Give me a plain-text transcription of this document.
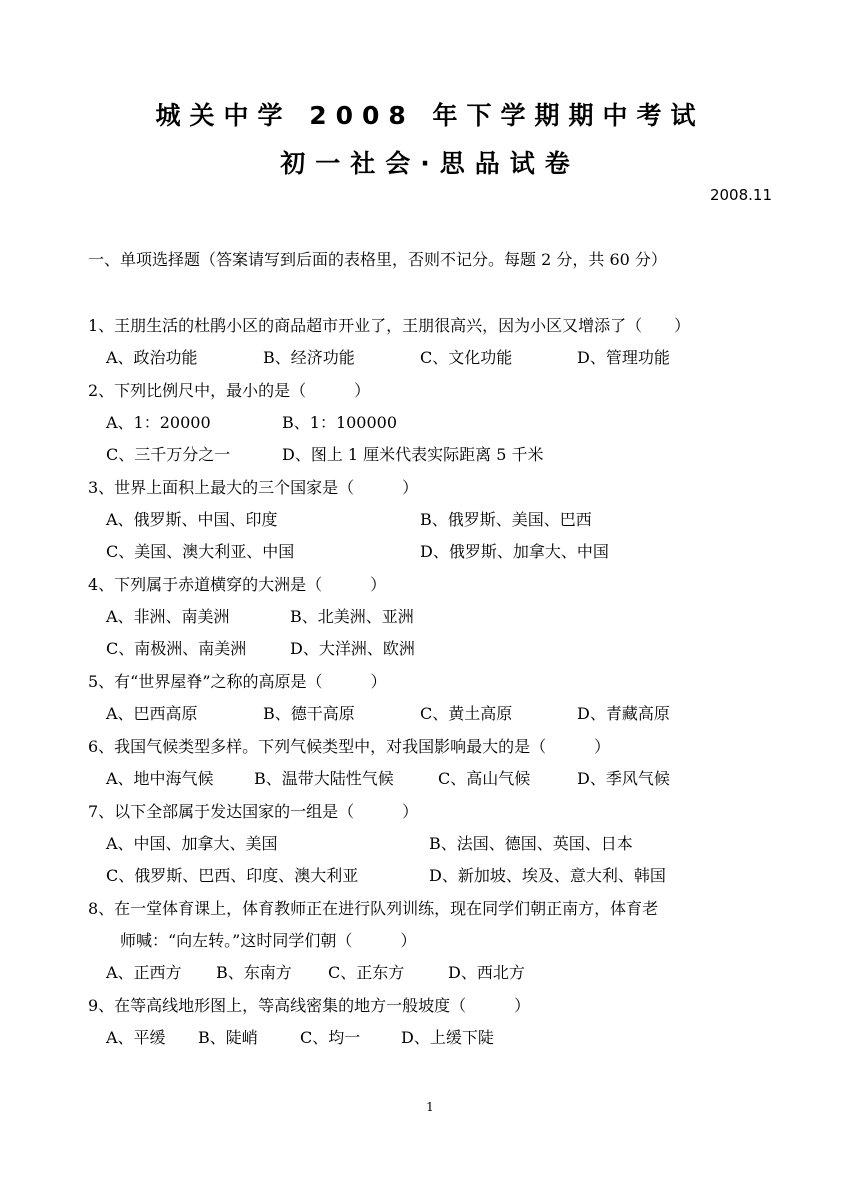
城关中学 2008 年下学期期中考试
初一社会·思品试卷
2008.11
一、单项选择题（答案请写到后面的表格里，否则不记分。每题 2 分，共 60 分）
1、王朋生活的杜鹃小区的商品超市开业了，王朋很高兴，因为小区又增添了（　　）
A、政治功能	B、经济功能	C、文化功能	D、管理功能
2、下列比例尺中，最小的是（　　　）
A、1：20000	B、1：100000
C、三千万分之一	D、图上 1 厘米代表实际距离 5 千米
3、世界上面积上最大的三个国家是（　　　）
A、俄罗斯、中国、印度	B、俄罗斯、美国、巴西
C、美国、澳大利亚、中国	D、俄罗斯、加拿大、中国
4、下列属于赤道横穿的大洲是（　　　）
A、非洲、南美洲	B、北美洲、亚洲
C、南极洲、南美洲	D、大洋洲、欧洲
5、有“世界屋脊”之称的高原是（　　　）
A、巴西高原	B、德干高原	C、黄土高原	D、青藏高原
6、我国气候类型多样。下列气候类型中，对我国影响最大的是（　　　）
A、地中海气候	B、温带大陆性气候	C、高山气候	D、季风气候
7、以下全部属于发达国家的一组是（　　　）
A、中国、加拿大、美国	B、法国、德国、英国、日本
C、俄罗斯、巴西、印度、澳大利亚	D、新加坡、埃及、意大利、韩国
8、在一堂体育课上，体育教师正在进行队列训练，现在同学们朝正南方，体育老
师喊：“向左转。”这时同学们朝（　　　）
A、正西方 B、东南方 C、正东方	D、西北方
9、在等高线地形图上，等高线密集的地方一般坡度（　　　）
A、平缓 B、陡峭	C、均一	D、上缓下陡
1
